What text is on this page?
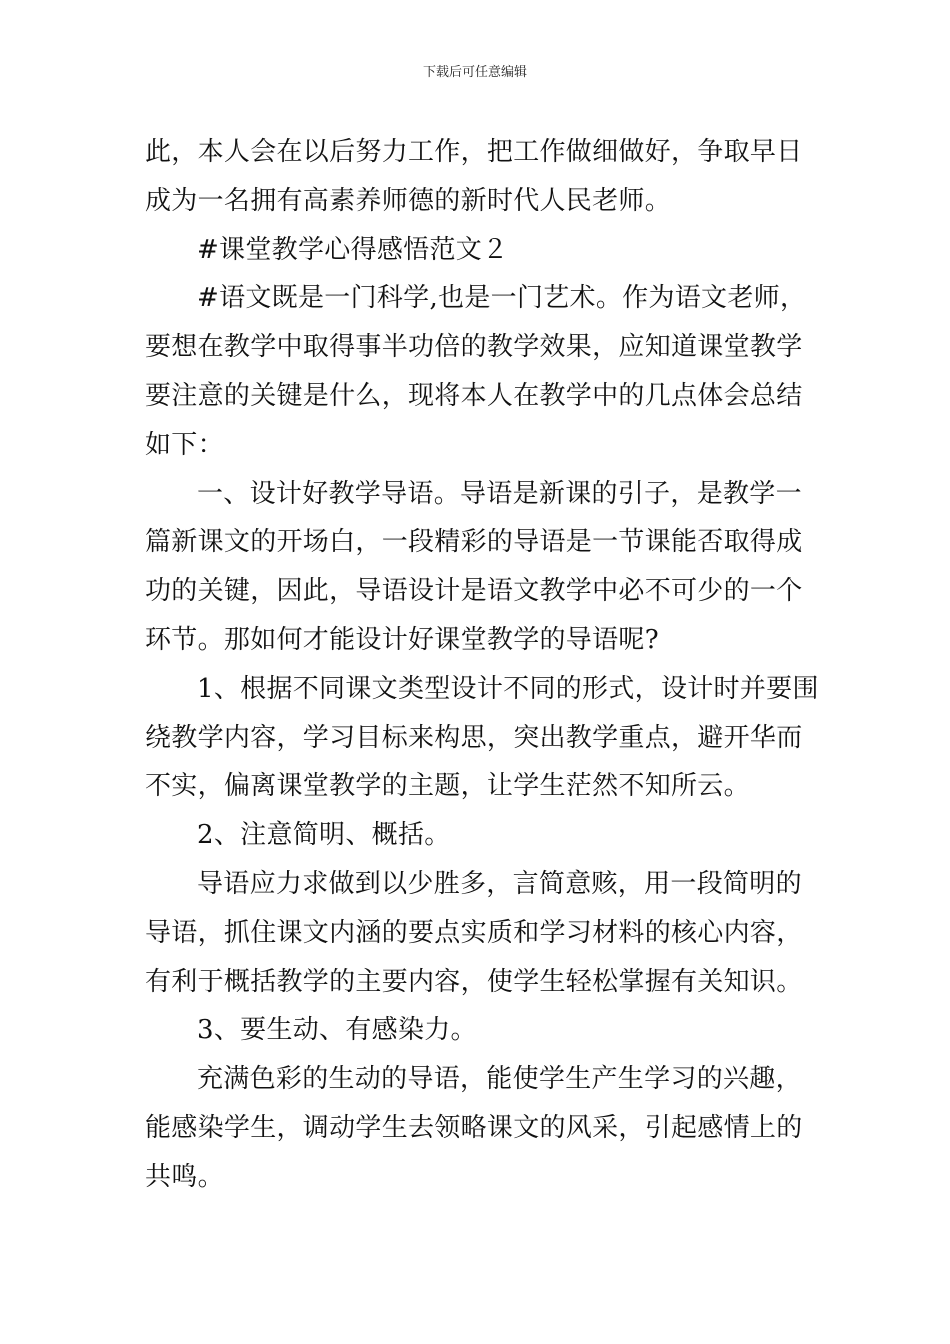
下载后可任意编辑
此，本人会在以后努力工作，把工作做细做好，争取早日
成为一名拥有高素养师德的新时代人民老师。
#课堂教学心得感悟范文２
#语文既是一门科学,也是一门艺术。作为语文老师，
要想在教学中取得事半功倍的教学效果，应知道课堂教学
要注意的关键是什么，现将本人在教学中的几点体会总结
如下：
一、设计好教学导语。导语是新课的引子，是教学一
篇新课文的开场白，一段精彩的导语是一节课能否取得成
功的关键，因此，导语设计是语文教学中必不可少的一个
环节。那如何才能设计好课堂教学的导语呢?
1、根据不同课文类型设计不同的形式，设计时并要围
绕教学内容，学习目标来构思，突出教学重点，避开华而
不实，偏离课堂教学的主题，让学生茫然不知所云。
2、注意简明、概括。
导语应力求做到以少胜多，言简意赅，用一段简明的
导语，抓住课文内涵的要点实质和学习材料的核心内容，
有利于概括教学的主要内容，使学生轻松掌握有关知识。
3、要生动、有感染力。
充满色彩的生动的导语，能使学生产生学习的兴趣，
能感染学生，调动学生去领略课文的风采，引起感情上的
共鸣。
